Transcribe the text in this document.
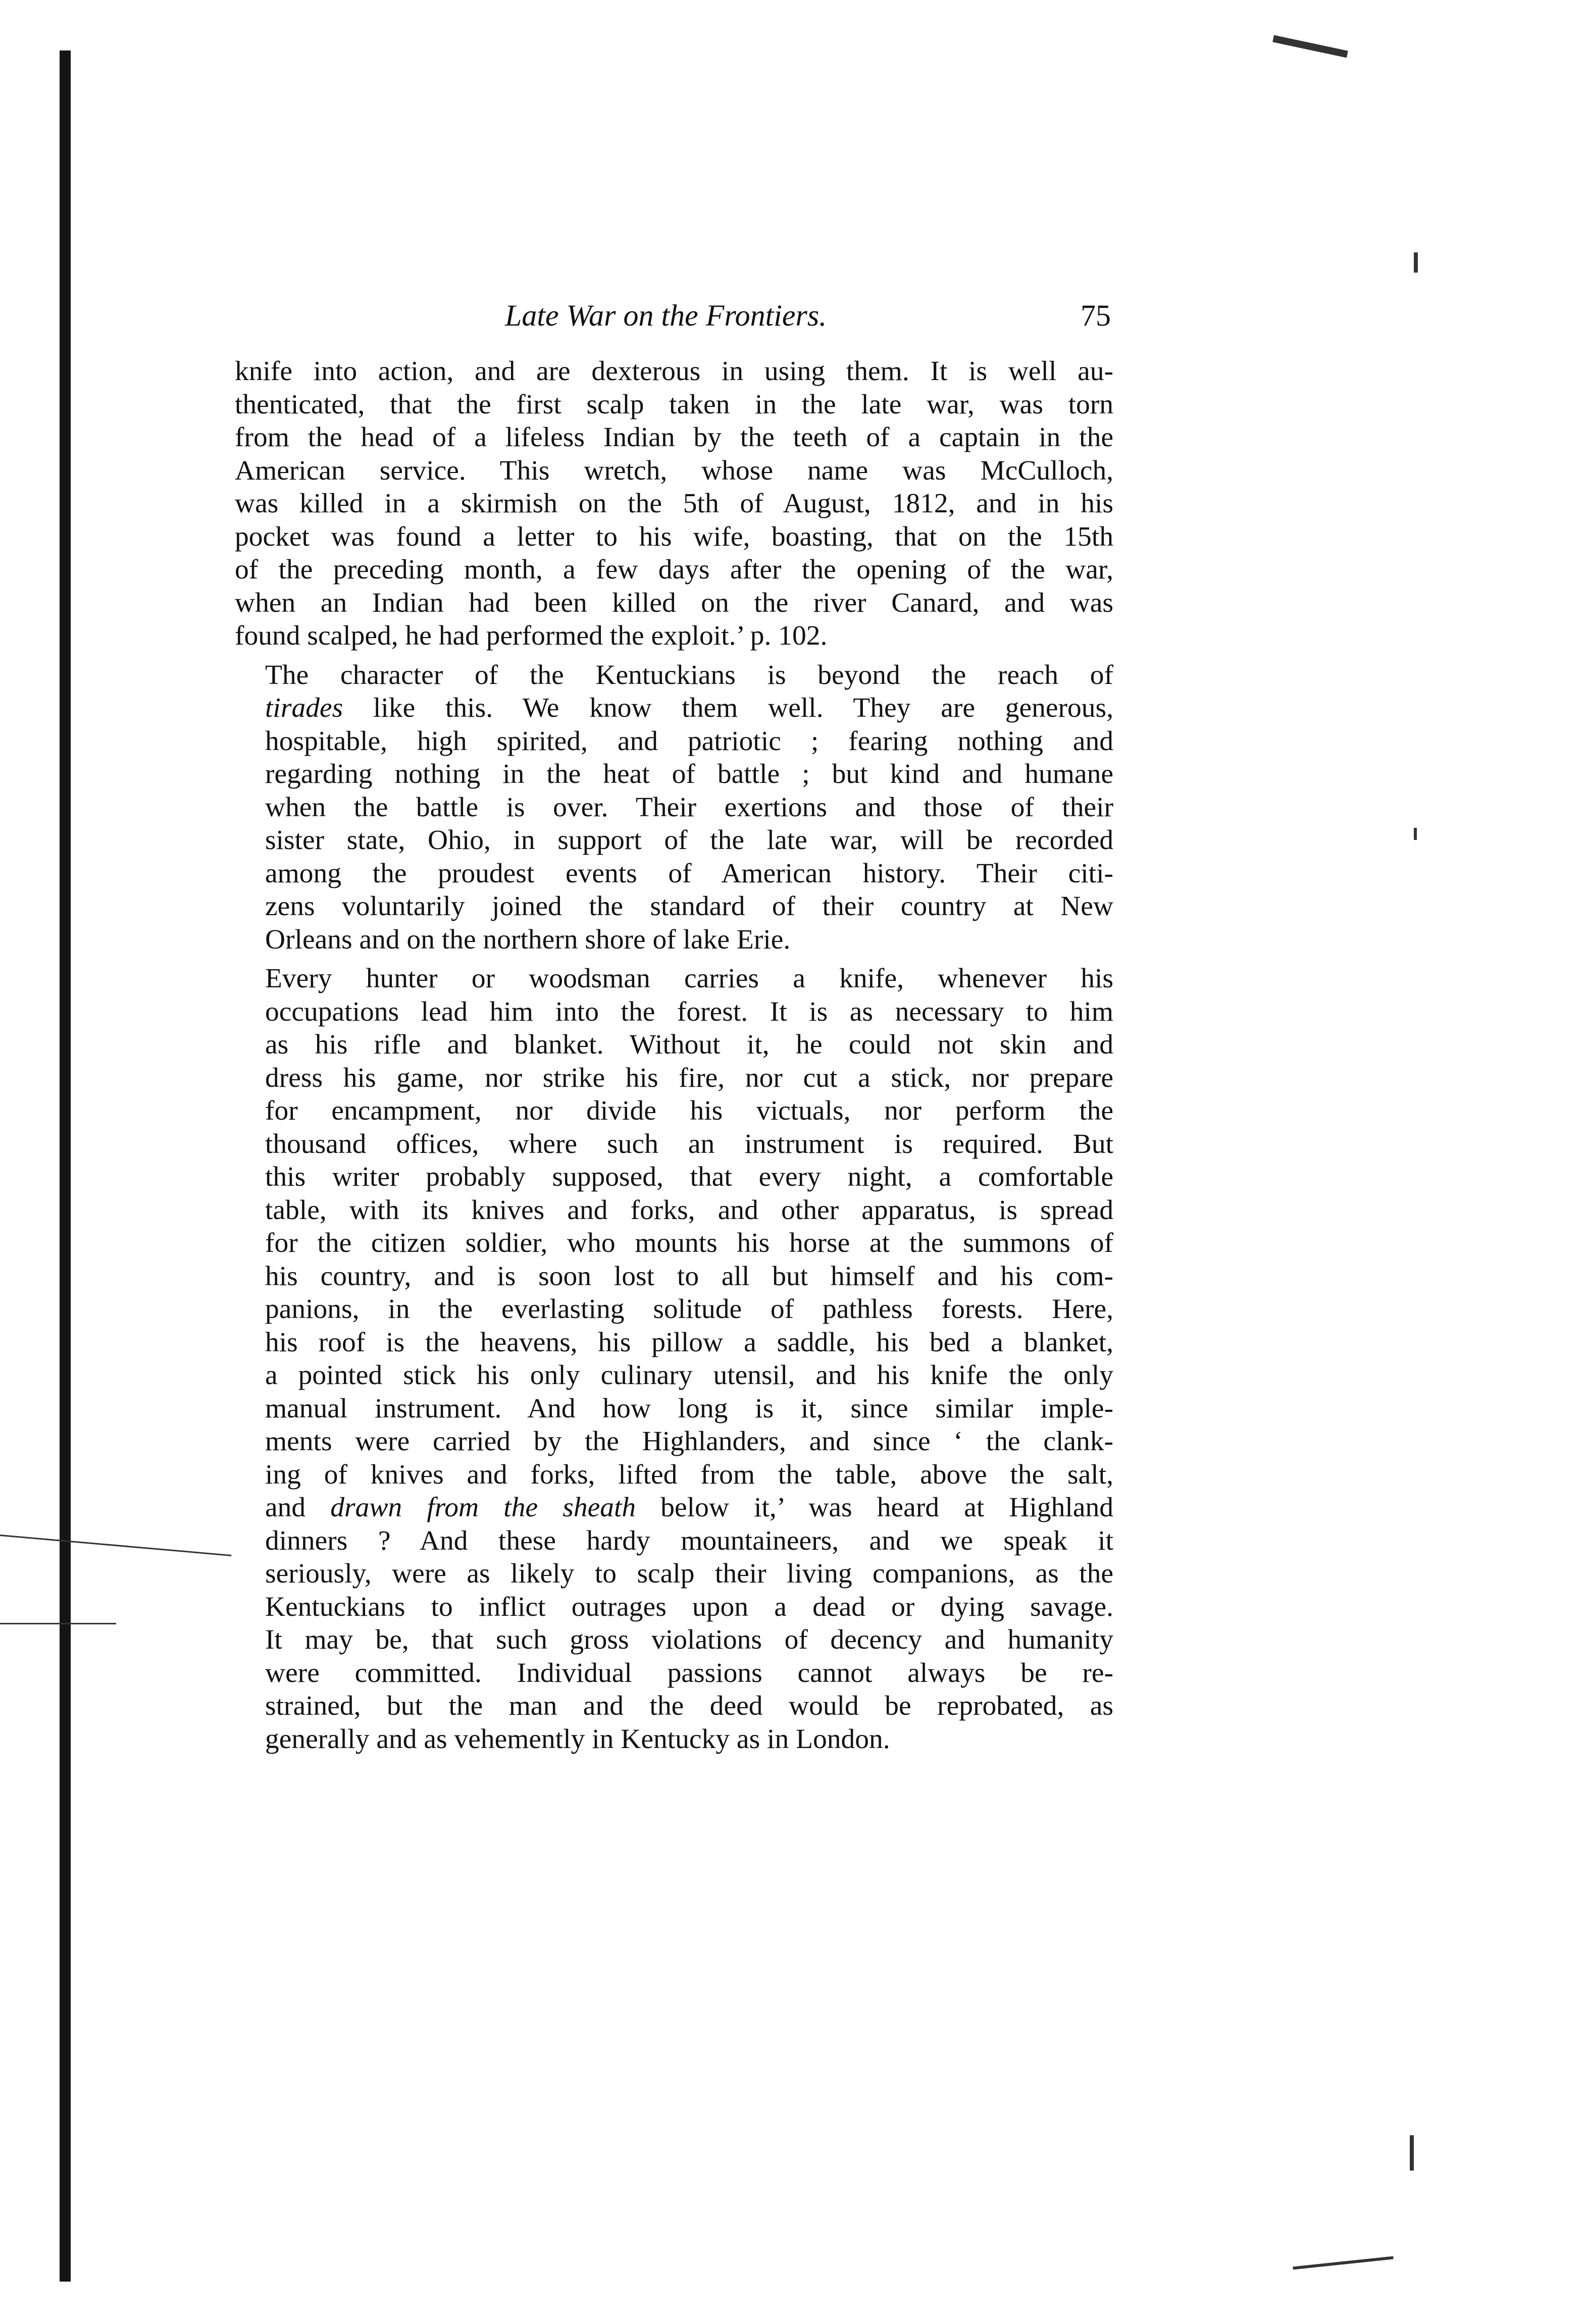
Late War on the Frontiers.	75

knife into action, and are dexterous in using them. It is well au-
thenticated, that the first scalp taken in the late war, was torn
from the head of a lifeless Indian by the teeth of a captain in the
American service. This wretch, whose name was McCulloch,
was killed in a skirmish on the 5th of August, 1812, and in his
pocket was found a letter to his wife, boasting, that on the 15th
of the preceding month, a few days after the opening of the war,
when an Indian had been killed on the river Canard, and was
found scalped, he had performed the exploit.’ p. 102.

The character of the Kentuckians is beyond the reach of
tirades like this. We know them well. They are generous,
hospitable, high spirited, and patriotic ; fearing nothing and
regarding nothing in the heat of battle ; but kind and humane
when the battle is over. Their exertions and those of their
sister state, Ohio, in support of the late war, will be recorded
among the proudest events of American history. Their citi-
zens voluntarily joined the standard of their country at New
Orleans and on the northern shore of lake Erie.

Every hunter or woodsman carries a knife, whenever his
occupations lead him into the forest. It is as necessary to him
as his rifle and blanket. Without it, he could not skin and
dress his game, nor strike his fire, nor cut a stick, nor prepare
for encampment, nor divide his victuals, nor perform the
thousand offices, where such an instrument is required. But
this writer probably supposed, that every night, a comfortable
table, with its knives and forks, and other apparatus, is spread
for the citizen soldier, who mounts his horse at the summons of
his country, and is soon lost to all but himself and his com-
panions, in the everlasting solitude of pathless forests. Here,
his roof is the heavens, his pillow a saddle, his bed a blanket,
a pointed stick his only culinary utensil, and his knife the only
manual instrument. And how long is it, since similar imple-
ments were carried by the Highlanders, and since ‘ the clank-
ing of knives and forks, lifted from the table, above the salt,
and drawn from the sheath below it,’ was heard at Highland
dinners ? And these hardy mountaineers, and we speak it
seriously, were as likely to scalp their living companions, as the
Kentuckians to inflict outrages upon a dead or dying savage.
It may be, that such gross violations of decency and humanity
were committed. Individual passions cannot always be re-
strained, but the man and the deed would be reprobated, as
generally and as vehemently in Kentucky as in London.
